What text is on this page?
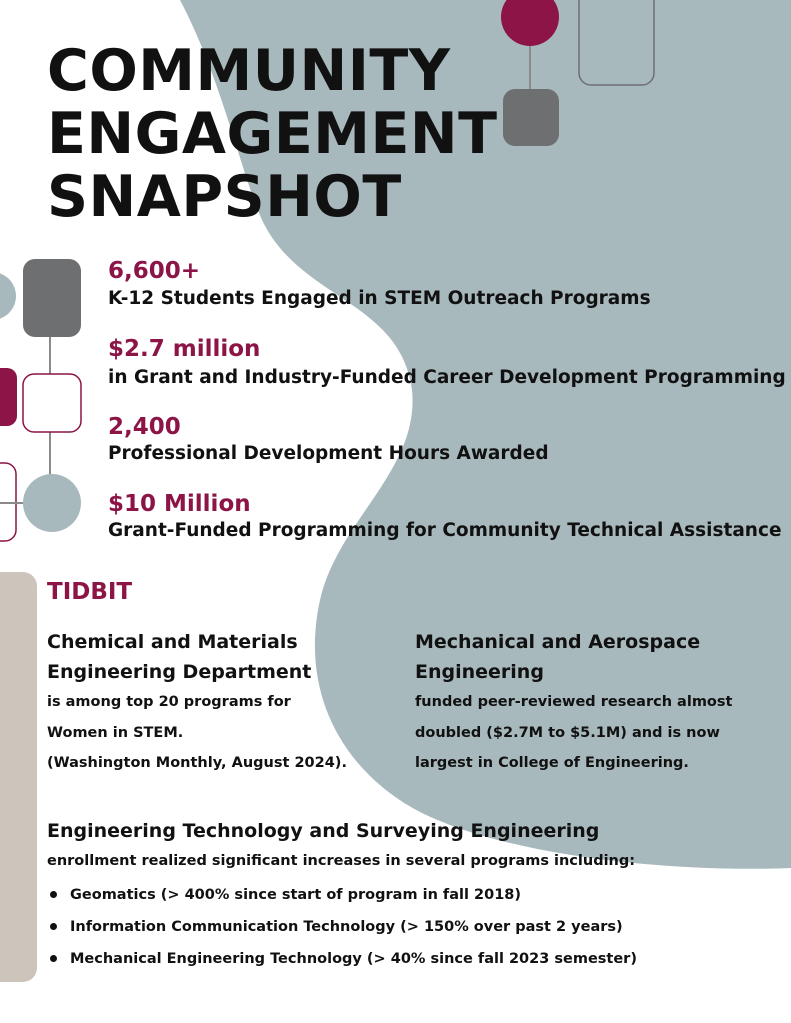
COMMUNITY
ENGAGEMENT
SNAPSHOT

6,600+

K-12 Students Engaged in STEM Outreach Programs

$2.7 million

in Grant and Industry-Funded Career Development Programming

2,400

Professional Development Hours Awarded

$10 Million

Grant-Funded Programming for Community Technical Assistance

TIDBIT

Chemical and Materials
Engineering Department

is among top 20 programs for
Women in STEM.
(Washington Monthly, August 2024).

Mechanical and Aerospace
Engineering

funded peer-reviewed research almost
doubled ($2.7M to $5.1M) and is now
largest in College of Engineering.

Engineering Technology and Surveying Engineering

enrollment realized significant increases in several programs including:

Geomatics (> 400% since start of program in fall 2018)
Information Communication Technology (> 150% over past 2 years)
Mechanical Engineering Technology (> 40% since fall 2023 semester)
